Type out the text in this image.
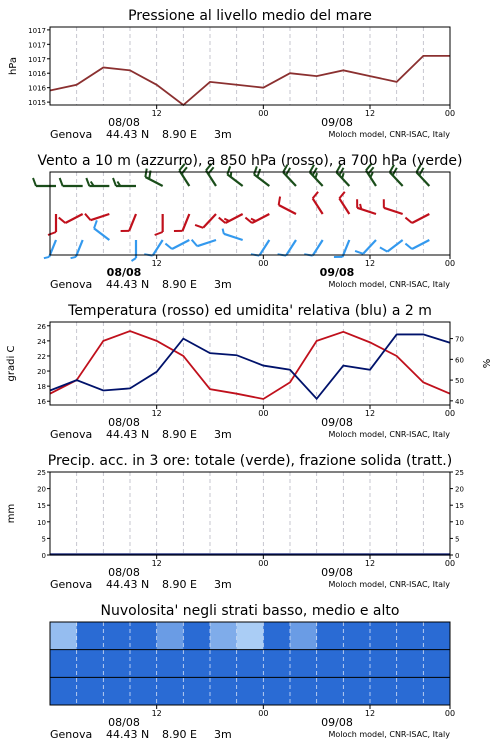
1015
1016
1016
1017
1017
1017
Pressione al livello medio del mare
hPa
12	00	12	00
08/08	09/08
Genova 44.43 N 8.90 E 3m	Moloch model, CNR-ISAC, Italy
Vento a 10 m (azzurro), a 850 hPa (rosso), a 700 hPa (verde)
12	00	12	00
08/08	09/08
Genova 44.43 N 8.90 E 3m	Moloch model, CNR-ISAC, Italy
16
18
20
22
24
26
40
50
60
70
Temperatura (rosso) ed umidita' relativa (blu) a 2 m
gradi C	%
12	00	12	00
08/08	09/08
Genova 44.43 N 8.90 E 3m	Moloch model, CNR-ISAC, Italy
0	0
5	5
10	10
15	15
20	20
25	25
Precip. acc. in 3 ore: totale (verde), frazione solida (tratt.)
mm
12	00	12	00
08/08	09/08
Genova 44.43 N 8.90 E 3m	Moloch model, CNR-ISAC, Italy
Nuvolosita' negli strati basso, medio e alto
12	00	12	00
08/08	09/08
Genova 44.43 N 8.90 E 3m	Moloch model, CNR-ISAC, Italy
